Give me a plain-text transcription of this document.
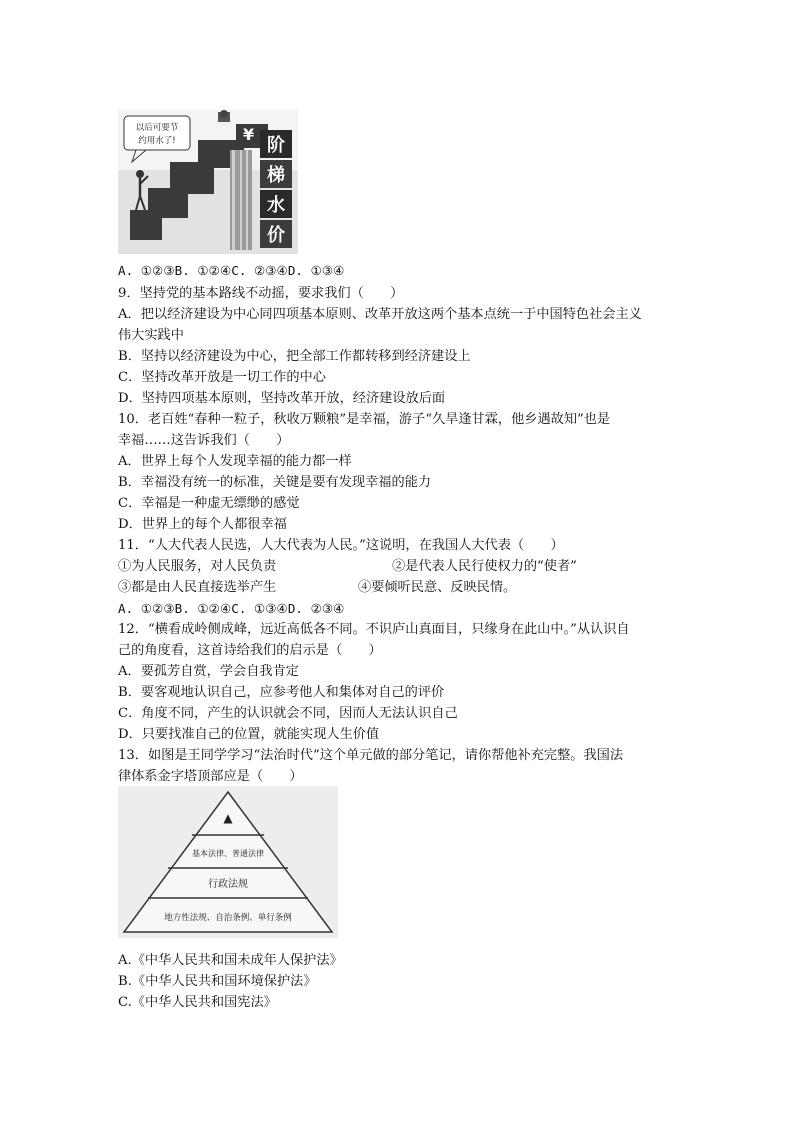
以后可要节
约用水了!	¥
阶
梯
水
价
A. ①②③B. ①②④C. ②③④D. ①③④
9．坚持党的基本路线不动摇，要求我们（　　）
A．把以经济建设为中心同四项基本原则、改革开放这两个基本点统一于中国特色社会主义
伟大实践中
B．坚持以经济建设为中心，把全部工作都转移到经济建设上
C．坚持改革开放是一切工作的中心
D．坚持四项基本原则，坚持改革开放，经济建设放后面
10．老百姓“春种一粒子，秋收万颗粮”是幸福，游子“久旱逢甘霖，他乡遇故知”也是
幸福……这告诉我们（　　）
A．世界上每个人发现幸福的能力都一样
B．幸福没有统一的标准，关键是要有发现幸福的能力
C．幸福是一种虚无缥缈的感觉
D．世界上的每个人都很幸福
11．“人大代表人民选，人大代表为人民。”这说明，在我国人大代表（　　）
①为人民服务，对人民负责	②是代表人民行使权力的“使者”
③都是由人民直接选举产生	④要倾听民意、反映民情。
A. ①②③B. ①②④C. ①③④D. ②③④
12．“横看成岭侧成峰，远近高低各不同。不识庐山真面目，只缘身在此山中。”从认识自
己的角度看，这首诗给我们的启示是（　　）
A．要孤芳自赏，学会自我肯定
B．要客观地认识自己，应参考他人和集体对自己的评价
C．角度不同，产生的认识就会不同，因而人无法认识自己
D．只要找准自己的位置，就能实现人生价值
13．如图是王同学学习“法治时代”这个单元做的部分笔记，请你帮他补充完整。我国法
律体系金字塔顶部应是（　　）
▲
基本法律、普通法律
行政法规
地方性法规、自治条例、单行条例
A.《中华人民共和国未成年人保护法》
B.《中华人民共和国环境保护法》
C.《中华人民共和国宪法》
